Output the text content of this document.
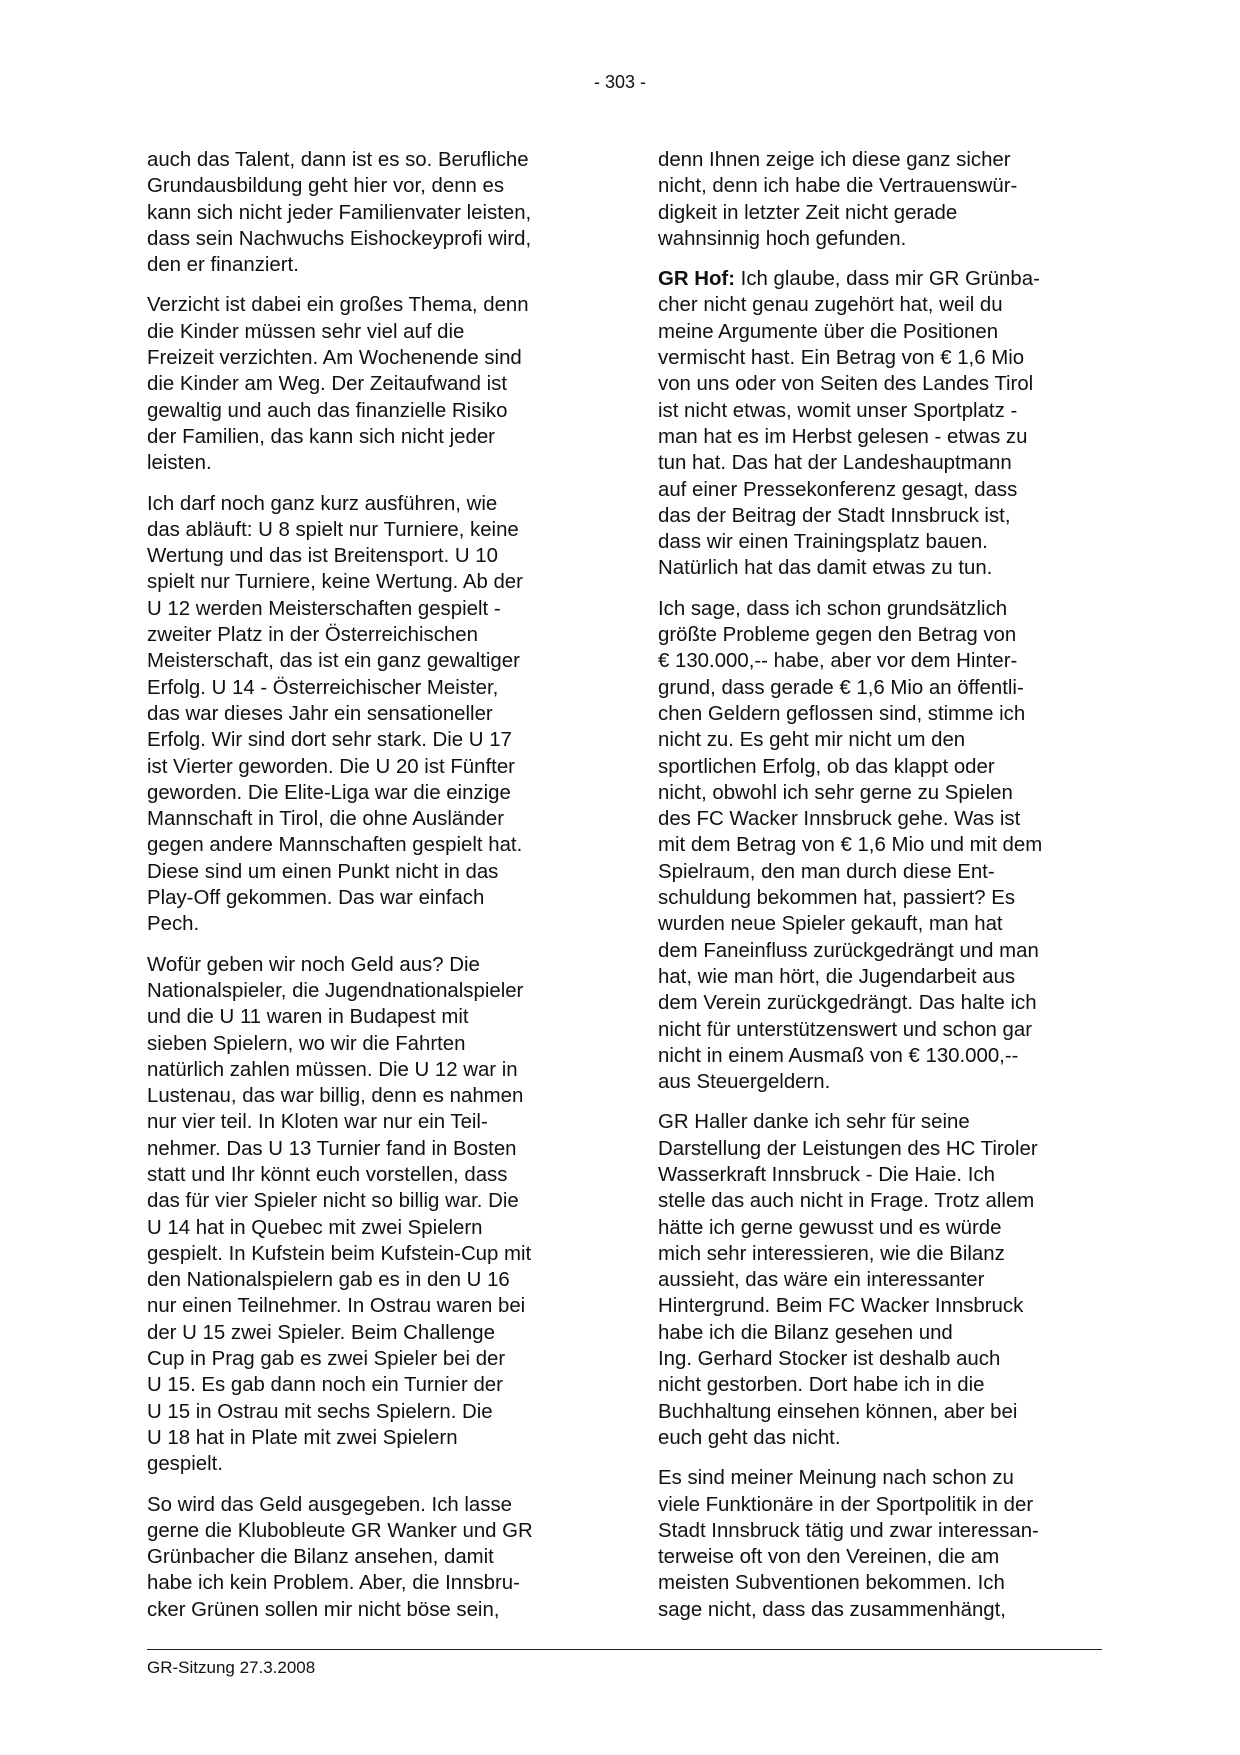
- 303 -

auch das Talent, dann ist es so. Berufliche
Grundausbildung geht hier vor, denn es
kann sich nicht jeder Familienvater leisten,
dass sein Nachwuchs Eishockeyprofi wird,
den er finanziert.

Verzicht ist dabei ein großes Thema, denn
die Kinder müssen sehr viel auf die
Freizeit verzichten. Am Wochenende sind
die Kinder am Weg. Der Zeitaufwand ist
gewaltig und auch das finanzielle Risiko
der Familien, das kann sich nicht jeder
leisten.

Ich darf noch ganz kurz ausführen, wie
das abläuft: U 8 spielt nur Turniere, keine
Wertung und das ist Breitensport. U 10
spielt nur Turniere, keine Wertung. Ab der
U 12 werden Meisterschaften gespielt -
zweiter Platz in der Österreichischen
Meisterschaft, das ist ein ganz gewaltiger
Erfolg. U 14 - Österreichischer Meister,
das war dieses Jahr ein sensationeller
Erfolg. Wir sind dort sehr stark. Die U 17
ist Vierter geworden. Die U 20 ist Fünfter
geworden. Die Elite-Liga war die einzige
Mannschaft in Tirol, die ohne Ausländer
gegen andere Mannschaften gespielt hat.
Diese sind um einen Punkt nicht in das
Play-Off gekommen. Das war einfach
Pech.

Wofür geben wir noch Geld aus? Die
Nationalspieler, die Jugendnationalspieler
und die U 11 waren in Budapest mit
sieben Spielern, wo wir die Fahrten
natürlich zahlen müssen. Die U 12 war in
Lustenau, das war billig, denn es nahmen
nur vier teil. In Kloten war nur ein Teil-
nehmer. Das U 13 Turnier fand in Bosten
statt und Ihr könnt euch vorstellen, dass
das für vier Spieler nicht so billig war. Die
U 14 hat in Quebec mit zwei Spielern
gespielt. In Kufstein beim Kufstein-Cup mit
den Nationalspielern gab es in den U 16
nur einen Teilnehmer. In Ostrau waren bei
der U 15 zwei Spieler. Beim Challenge
Cup in Prag gab es zwei Spieler bei der
U 15. Es gab dann noch ein Turnier der
U 15 in Ostrau mit sechs Spielern. Die
U 18 hat in Plate mit zwei Spielern
gespielt.

So wird das Geld ausgegeben. Ich lasse
gerne die Klubobleute GR Wanker und GR
Grünbacher die Bilanz ansehen, damit
habe ich kein Problem. Aber, die Innsbru-
cker Grünen sollen mir nicht böse sein,

denn Ihnen zeige ich diese ganz sicher
nicht, denn ich habe die Vertrauenswür-
digkeit in letzter Zeit nicht gerade
wahnsinnig hoch gefunden.

GR Hof: Ich glaube, dass mir GR Grünba-
cher nicht genau zugehört hat, weil du
meine Argumente über die Positionen
vermischt hast. Ein Betrag von € 1,6 Mio
von uns oder von Seiten des Landes Tirol
ist nicht etwas, womit unser Sportplatz -
man hat es im Herbst gelesen - etwas zu
tun hat. Das hat der Landeshauptmann
auf einer Pressekonferenz gesagt, dass
das der Beitrag der Stadt Innsbruck ist,
dass wir einen Trainingsplatz bauen.
Natürlich hat das damit etwas zu tun.

Ich sage, dass ich schon grundsätzlich
größte Probleme gegen den Betrag von
€ 130.000,-- habe, aber vor dem Hinter-
grund, dass gerade € 1,6 Mio an öffentli-
chen Geldern geflossen sind, stimme ich
nicht zu. Es geht mir nicht um den
sportlichen Erfolg, ob das klappt oder
nicht, obwohl ich sehr gerne zu Spielen
des FC Wacker Innsbruck gehe. Was ist
mit dem Betrag von € 1,6 Mio und mit dem
Spielraum, den man durch diese Ent-
schuldung bekommen hat, passiert? Es
wurden neue Spieler gekauft, man hat
dem Faneinfluss zurückgedrängt und man
hat, wie man hört, die Jugendarbeit aus
dem Verein zurückgedrängt. Das halte ich
nicht für unterstützenswert und schon gar
nicht in einem Ausmaß von € 130.000,--
aus Steuergeldern.

GR Haller danke ich sehr für seine
Darstellung der Leistungen des HC Tiroler
Wasserkraft Innsbruck - Die Haie. Ich
stelle das auch nicht in Frage. Trotz allem
hätte ich gerne gewusst und es würde
mich sehr interessieren, wie die Bilanz
aussieht, das wäre ein interessanter
Hintergrund. Beim FC Wacker Innsbruck
habe ich die Bilanz gesehen und
Ing. Gerhard Stocker ist deshalb auch
nicht gestorben. Dort habe ich in die
Buchhaltung einsehen können, aber bei
euch geht das nicht.

Es sind meiner Meinung nach schon zu
viele Funktionäre in der Sportpolitik in der
Stadt Innsbruck tätig und zwar interessan-
terweise oft von den Vereinen, die am
meisten Subventionen bekommen. Ich
sage nicht, dass das zusammenhängt,

GR-Sitzung 27.3.2008
